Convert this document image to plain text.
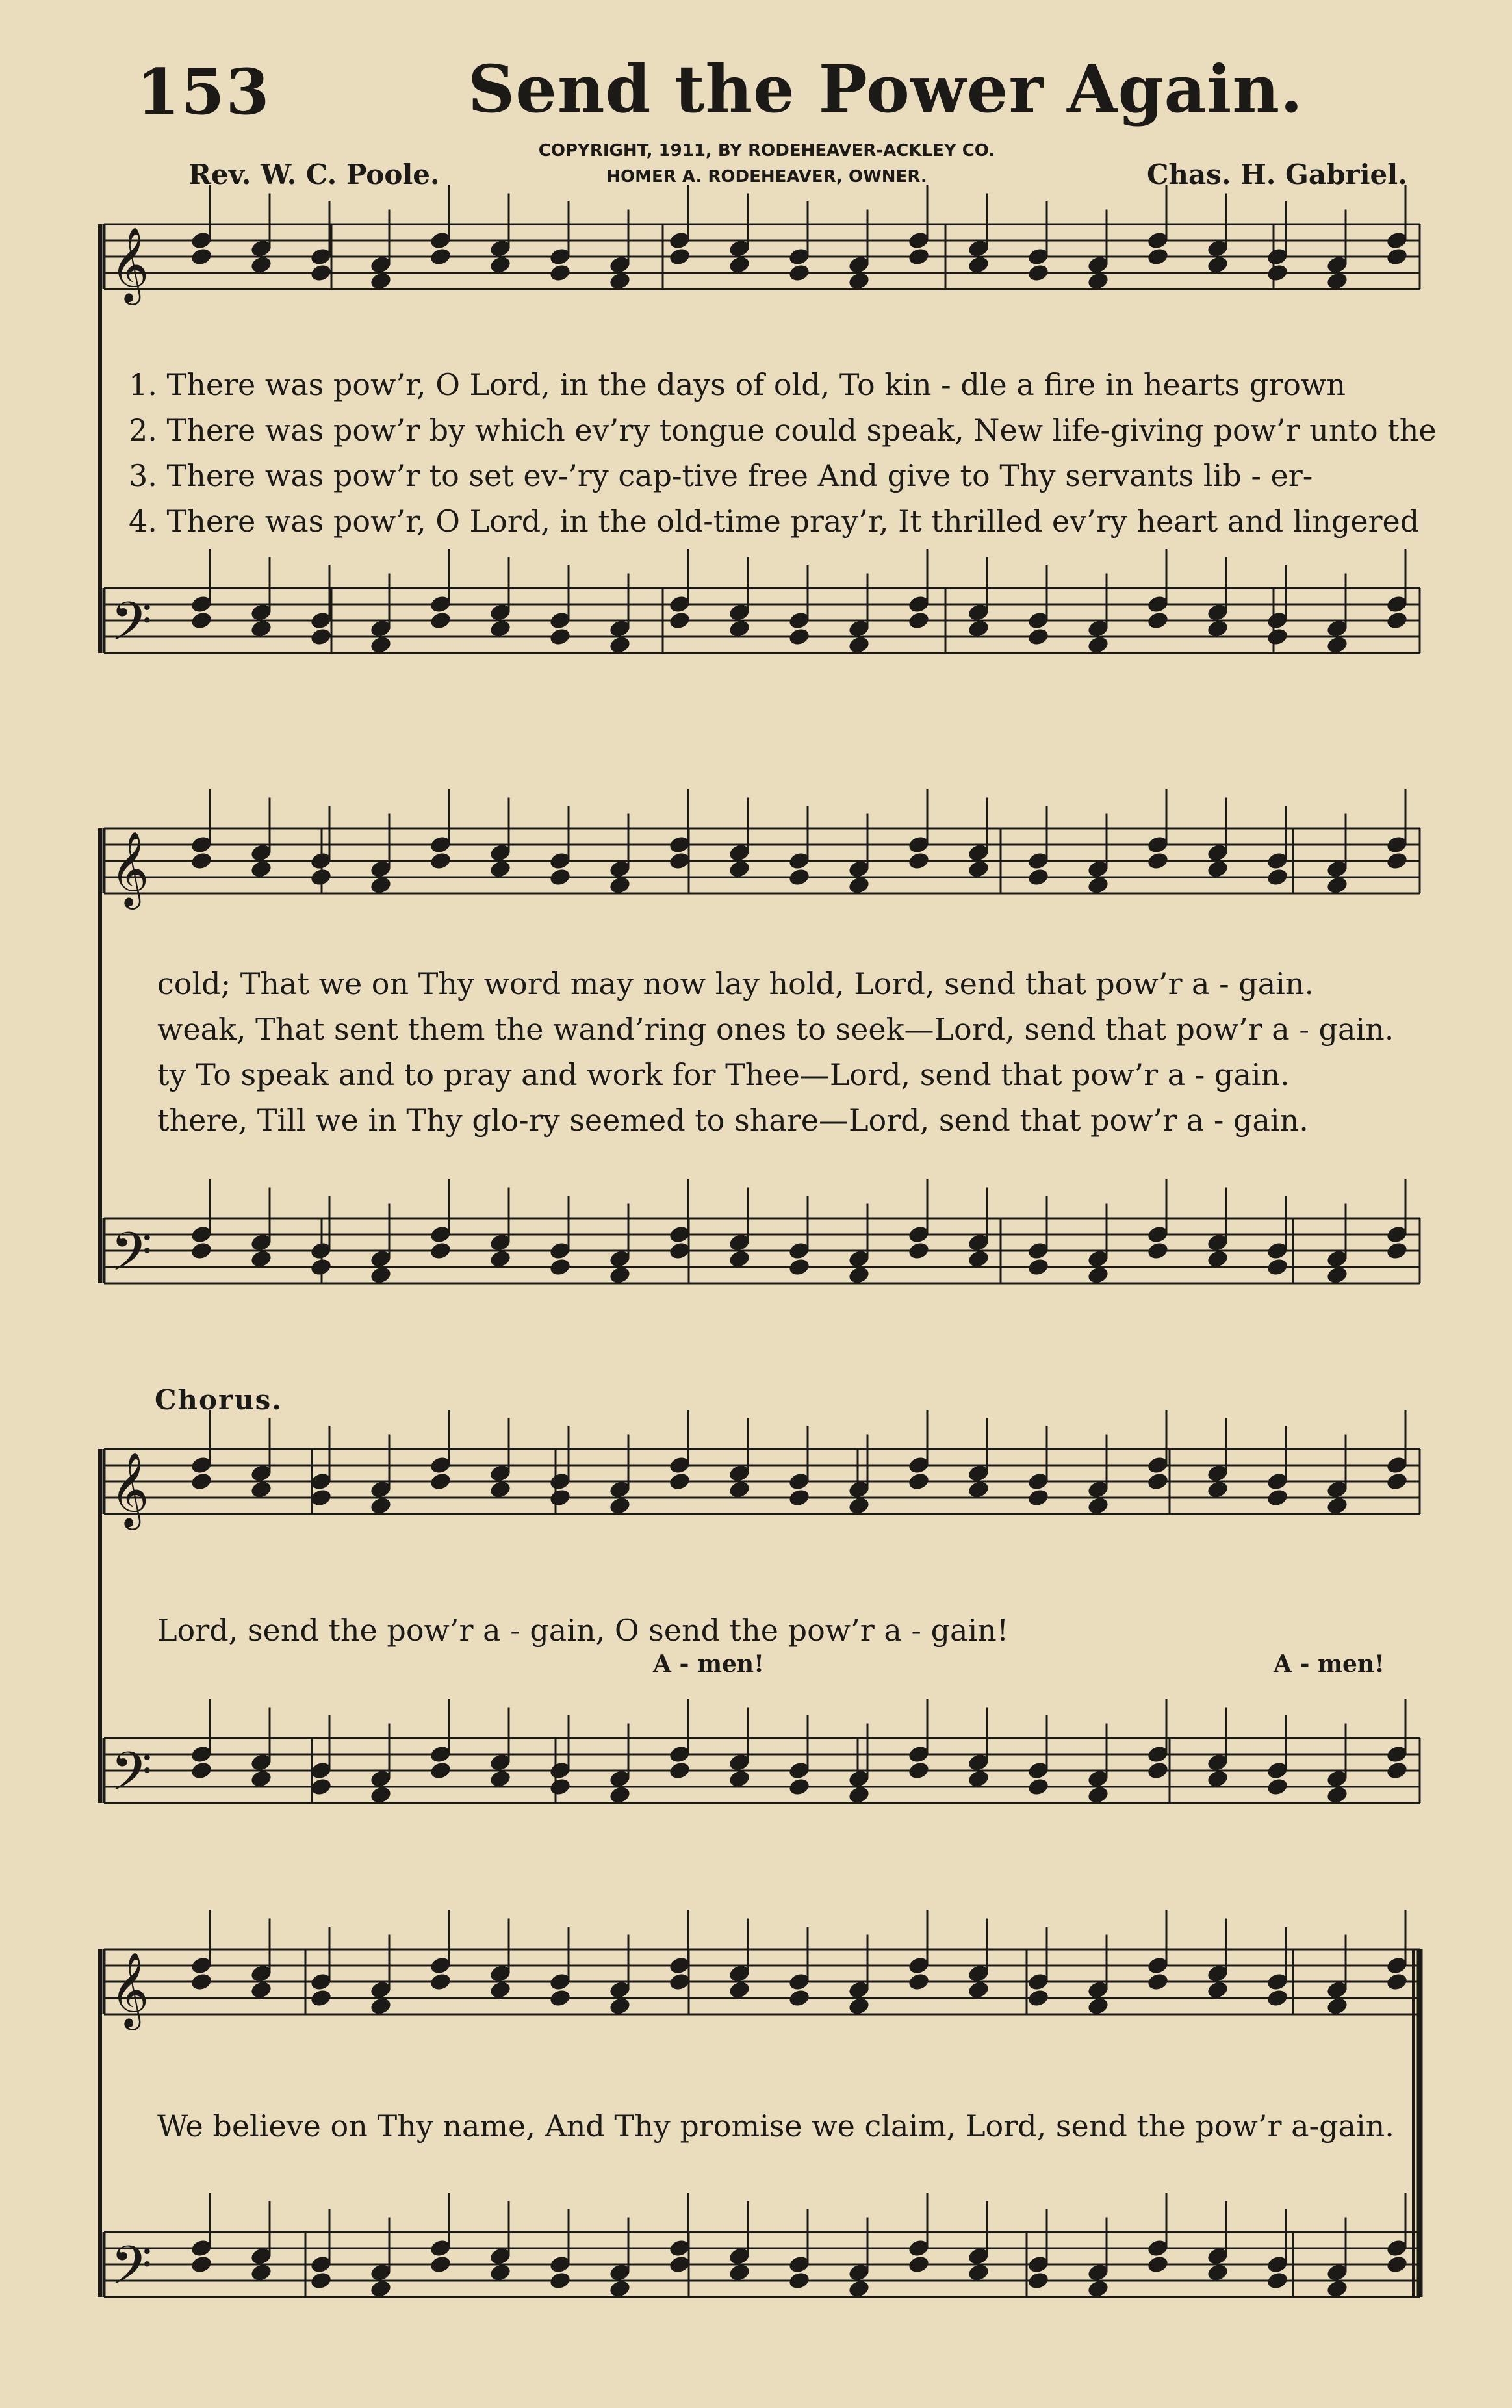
153	Send the Power Again.
COPYRIGHT, 1911, BY RODEHEAVER-ACKLEY CO.
HOMER A. RODEHEAVER, OWNER.
Rev. W. C. Poole.	Chas. H. Gabriel.
1. There was pow’r, O Lord, in the days of old, To kin - dle a fire in hearts grown
2. There was pow’r by which ev’ry tongue could speak, New life-giving pow’r unto the
3. There was pow’r to set ev-’ry cap-tive free And give to Thy servants lib - er-
4. There was pow’r, O Lord, in the old-time pray’r, It thrilled ev’ry heart and lingered
cold; That we on Thy word may now lay hold, Lord, send that pow’r a - gain.
weak, That sent them the wand’ring ones to seek—Lord, send that pow’r a - gain.
ty To speak and to pray and work for Thee—Lord, send that pow’r a - gain.
there, Till we in Thy glo-ry seemed to share—Lord, send that pow’r a - gain.
Chorus.
Lord, send the pow’r a - gain, O send the pow’r a - gain!
A - men!	A - men!
We believe on Thy name, And Thy promise we claim, Lord, send the pow’r a-gain.
𝄞
𝄢
𝄞
𝄢
𝄞
𝄢
𝄞
𝄢
